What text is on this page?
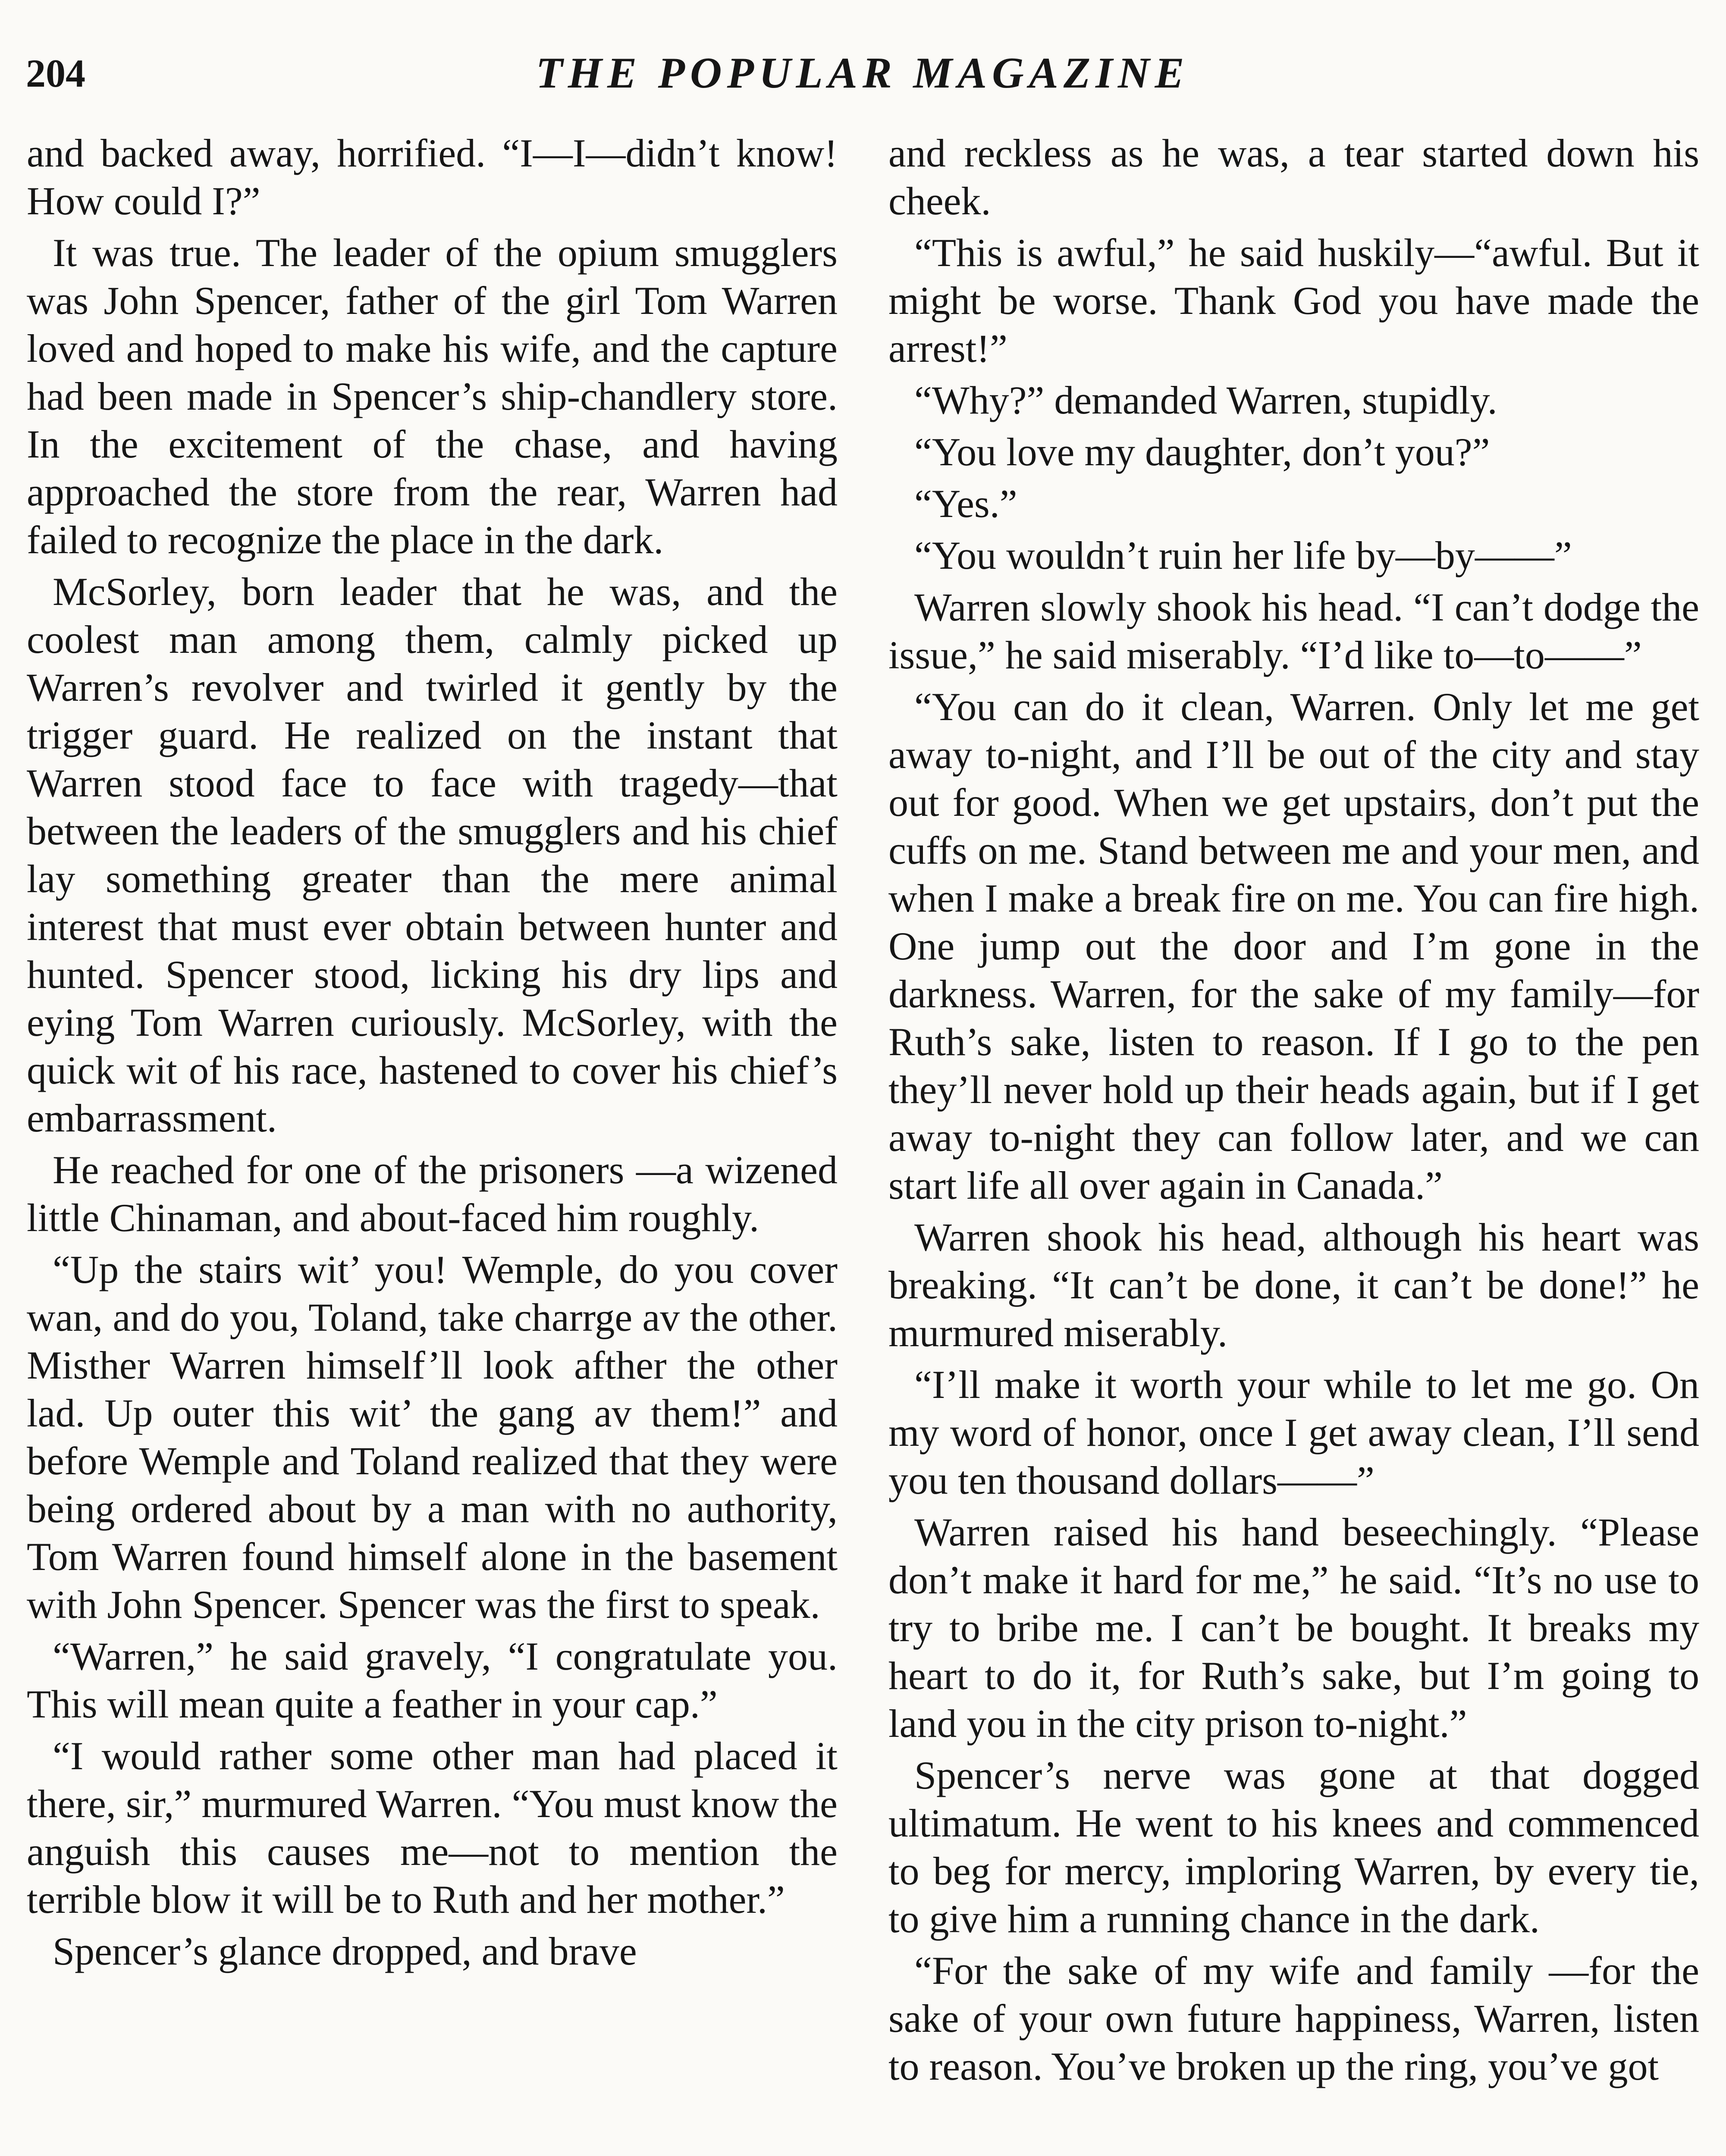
204	THE POPULAR MAGAZINE

and backed away, horrified. “I—I—didn’t know! How could I?”

It was true. The leader of the opium smugglers was John Spencer, father of the girl Tom Warren loved and hoped to make his wife, and the capture had been made in Spencer’s ship-chandlery store. In the excitement of the chase, and having approached the store from the rear, Warren had failed to recognize the place in the dark.

McSorley, born leader that he was, and the coolest man among them, calmly picked up Warren’s revolver and twirled it gently by the trigger guard. He realized on the instant that Warren stood face to face with tragedy—that between the leaders of the smugglers and his chief lay something greater than the mere animal interest that must ever obtain between hunter and hunted. Spencer stood, licking his dry lips and eying Tom Warren curiously. McSorley, with the quick wit of his race, hastened to cover his chief’s embarrassment.

He reached for one of the prisoners —a wizened little Chinaman, and about-faced him roughly.

“Up the stairs wit’ you! Wemple, do you cover wan, and do you, Toland, take charrge av the other. Misther Warren himself’ll look afther the other lad. Up outer this wit’ the gang av them!” and before Wemple and Toland realized that they were being ordered about by a man with no authority, Tom Warren found himself alone in the basement with John Spencer. Spencer was the first to speak.

“Warren,” he said gravely, “I congratulate you. This will mean quite a feather in your cap.”

“I would rather some other man had placed it there, sir,” murmured Warren. “You must know the anguish this causes me—not to mention the terrible blow it will be to Ruth and her mother.”

Spencer’s glance dropped, and brave

and reckless as he was, a tear started down his cheek.

“This is awful,” he said huskily—“awful. But it might be worse. Thank God you have made the arrest!”

“Why?” demanded Warren, stupidly.

“You love my daughter, don’t you?”

“Yes.”

“You wouldn’t ruin her life by—by——”

Warren slowly shook his head. “I can’t dodge the issue,” he said miserably. “I’d like to—to——”

“You can do it clean, Warren. Only let me get away to-night, and I’ll be out of the city and stay out for good. When we get upstairs, don’t put the cuffs on me. Stand between me and your men, and when I make a break fire on me. You can fire high. One jump out the door and I’m gone in the darkness. Warren, for the sake of my family—for Ruth’s sake, listen to reason. If I go to the pen they’ll never hold up their heads again, but if I get away to-night they can follow later, and we can start life all over again in Canada.”

Warren shook his head, although his heart was breaking. “It can’t be done, it can’t be done!” he murmured miserably.

“I’ll make it worth your while to let me go. On my word of honor, once I get away clean, I’ll send you ten thousand dollars——”

Warren raised his hand beseechingly. “Please don’t make it hard for me,” he said. “It’s no use to try to bribe me. I can’t be bought. It breaks my heart to do it, for Ruth’s sake, but I’m going to land you in the city prison to-night.”

Spencer’s nerve was gone at that dogged ultimatum. He went to his knees and commenced to beg for mercy, imploring Warren, by every tie, to give him a running chance in the dark.

“For the sake of my wife and family —for the sake of your own future happiness, Warren, listen to reason. You’ve broken up the ring, you’ve got
